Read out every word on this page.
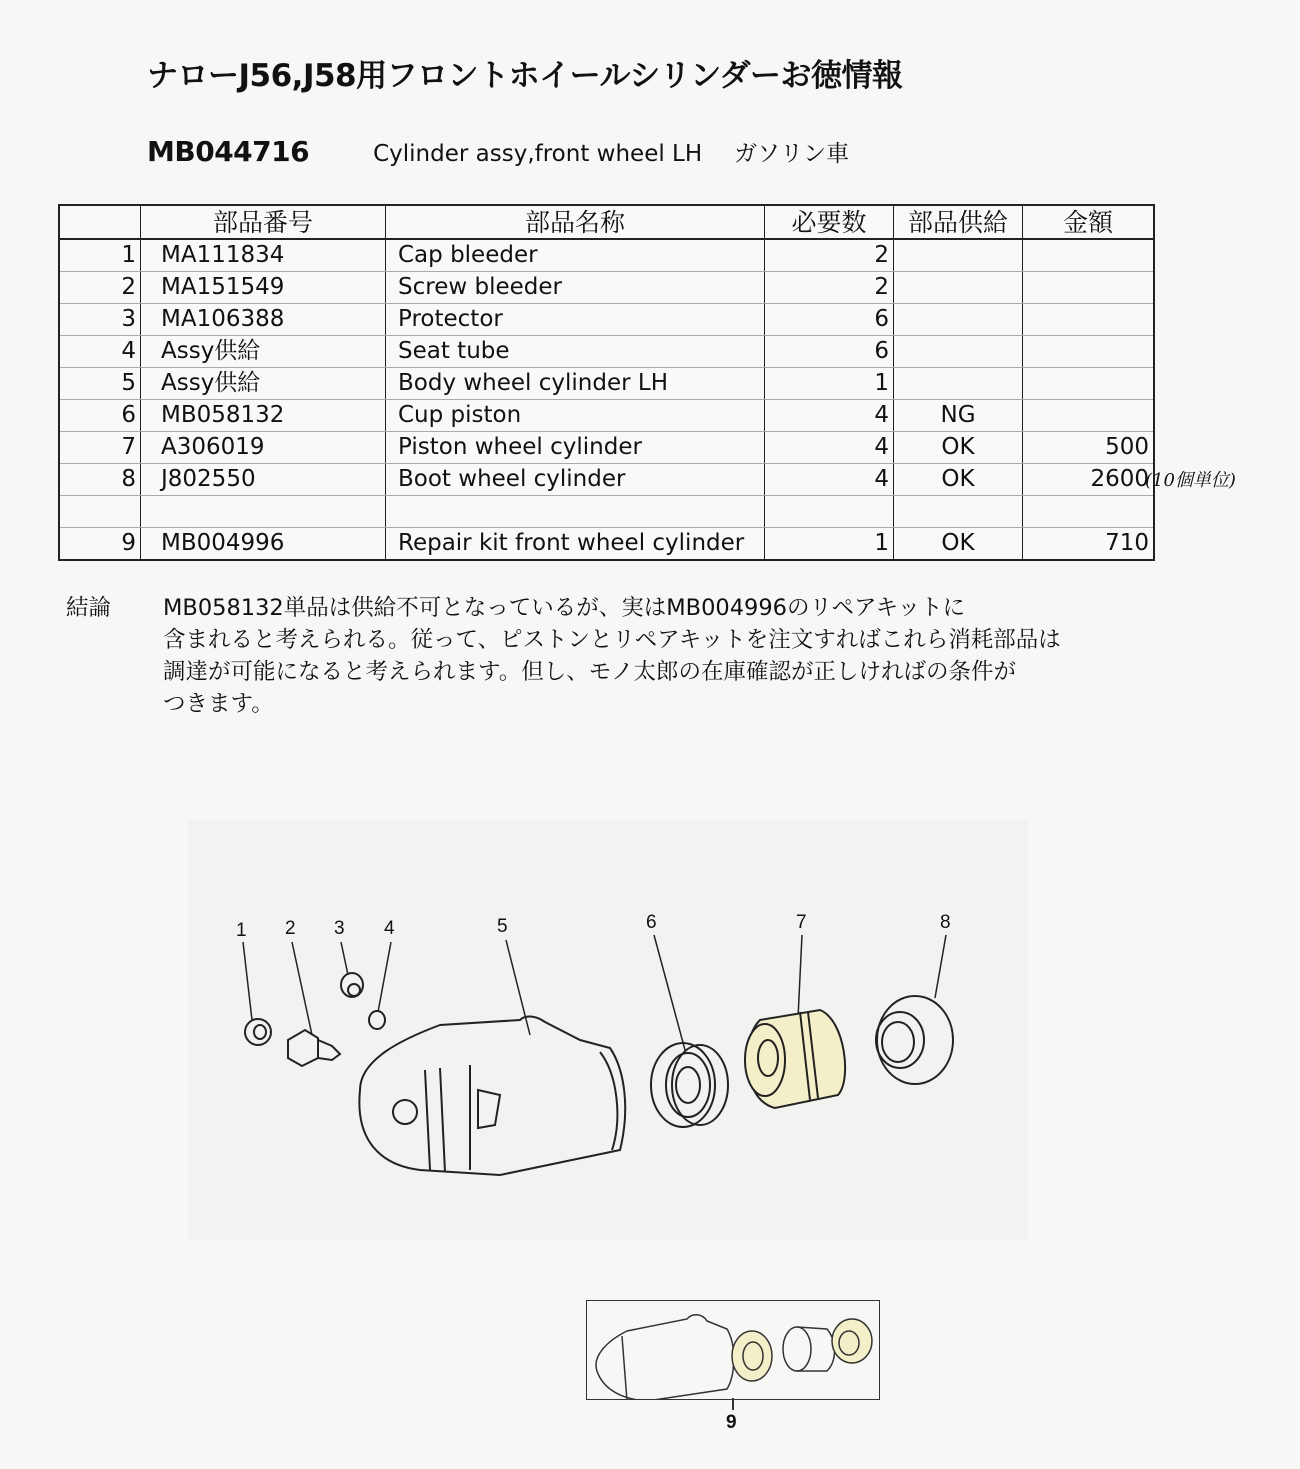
ナローJ56,J58用フロントホイールシリンダーお徳情報
MB044716	Cylinder assy,front wheel LH ガソリン車
	部品番号	部品名称	必要数	部品供給	金額
1	MA111834	Cap bleeder	2		
2	MA151549	Screw bleeder	2		
3	MA106388	Protector	6		
4	Assy供給	Seat tube	6		
5	Assy供給	Body wheel cylinder LH	1		
6	MB058132	Cup piston	4	NG	
7	A306019	Piston wheel cylinder	4	OK	500
8	J802550	Boot wheel cylinder	4	OK	2600

9	MB004996	Repair kit front wheel cylinder	1	OK	710
(10個単位)
結論	MB058132単品は供給不可となっているが、実はMB004996のリペアキットに
含まれると考えられる。従って、ピストンとリペアキットを注文すればこれら消耗部品は
調達が可能になると考えられます。但し、モノ太郎の在庫確認が正しければの条件が
つきます。
1 2 3 4	5	6	7	8
9
